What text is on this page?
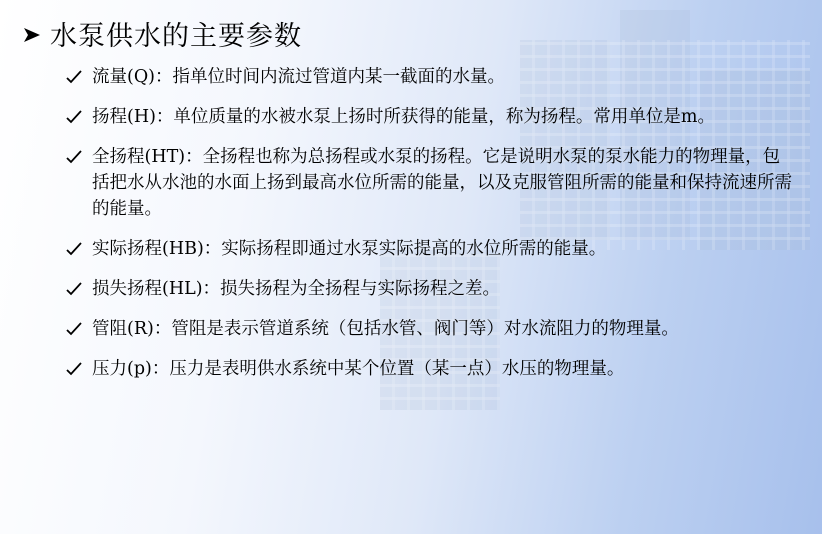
水泵供水的主要参数
流量(Q)：指单位时间内流过管道内某一截面的水量。
扬程(H)：单位质量的水被水泵上扬时所获得的能量，称为扬程。常用单位是m。
全扬程(HT)：全扬程也称为总扬程或水泵的扬程。它是说明水泵的泵水能力的物理量，包括把水从水池的水面上扬到最高水位所需的能量，以及克服管阻所需的能量和保持流速所需的能量。
实际扬程(HB)：实际扬程即通过水泵实际提高的水位所需的能量。
损失扬程(HL)：损失扬程为全扬程与实际扬程之差。
管阻(R)：管阻是表示管道系统（包括水管、阀门等）对水流阻力的物理量。
压力(p)：压力是表明供水系统中某个位置（某一点）水压的物理量。
